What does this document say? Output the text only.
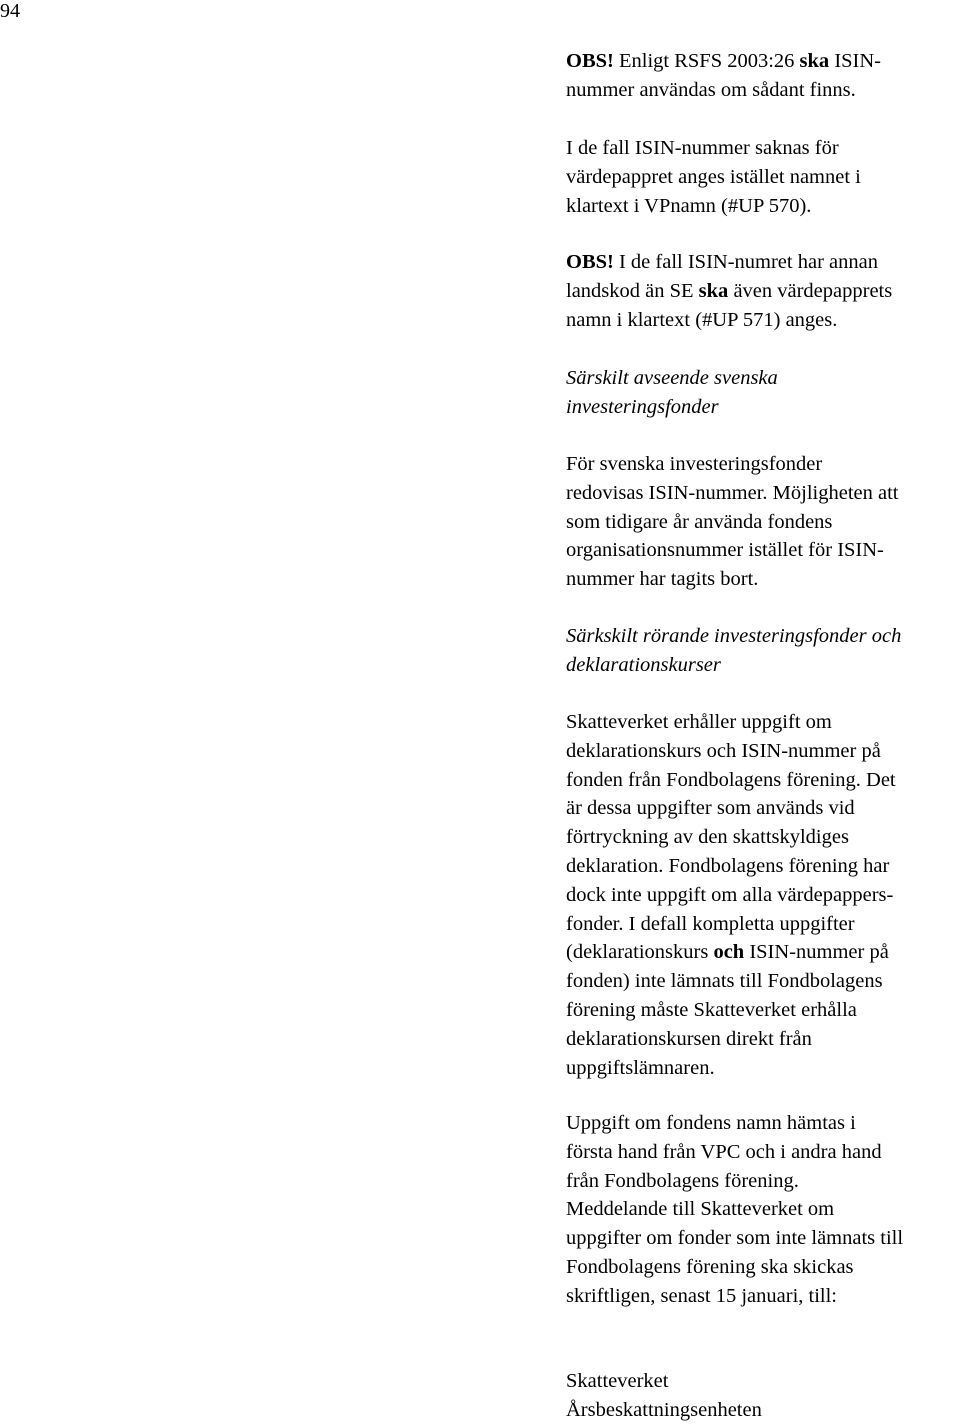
94

OBS! Enligt RSFS 2003:26 ska ISIN-
nummer användas om sådant finns.

I de fall ISIN-nummer saknas för
värdepappret anges istället namnet i
klartext i VPnamn (#UP 570).

OBS! I de fall ISIN-numret har annan
landskod än SE ska även värdepapprets
namn i klartext (#UP 571) anges.

Särskilt avseende svenska
investeringsfonder

För svenska investeringsfonder
redovisas ISIN-nummer. Möjligheten att
som tidigare år använda fondens
organisationsnummer istället för ISIN-
nummer har tagits bort.

Särkskilt rörande investeringsfonder och
deklarationskurser

Skatteverket erhåller uppgift om
deklarationskurs och ISIN-nummer på
fonden från Fondbolagens förening. Det
är dessa uppgifter som används vid
förtryckning av den skattskyldiges
deklaration. Fondbolagens förening har
dock inte uppgift om alla värdepappers-
fonder. I defall kompletta uppgifter
(deklarationskurs och ISIN-nummer på
fonden) inte lämnats till Fondbolagens
förening måste Skatteverket erhålla
deklarationskursen direkt från
uppgiftslämnaren.

Uppgift om fondens namn hämtas i
första hand från VPC och i andra hand
från Fondbolagens förening.
Meddelande till Skatteverket om
uppgifter om fonder som inte lämnats till
Fondbolagens förening ska skickas
skriftligen, senast 15 januari, till:

Skatteverket
Årsbeskattningsenheten
